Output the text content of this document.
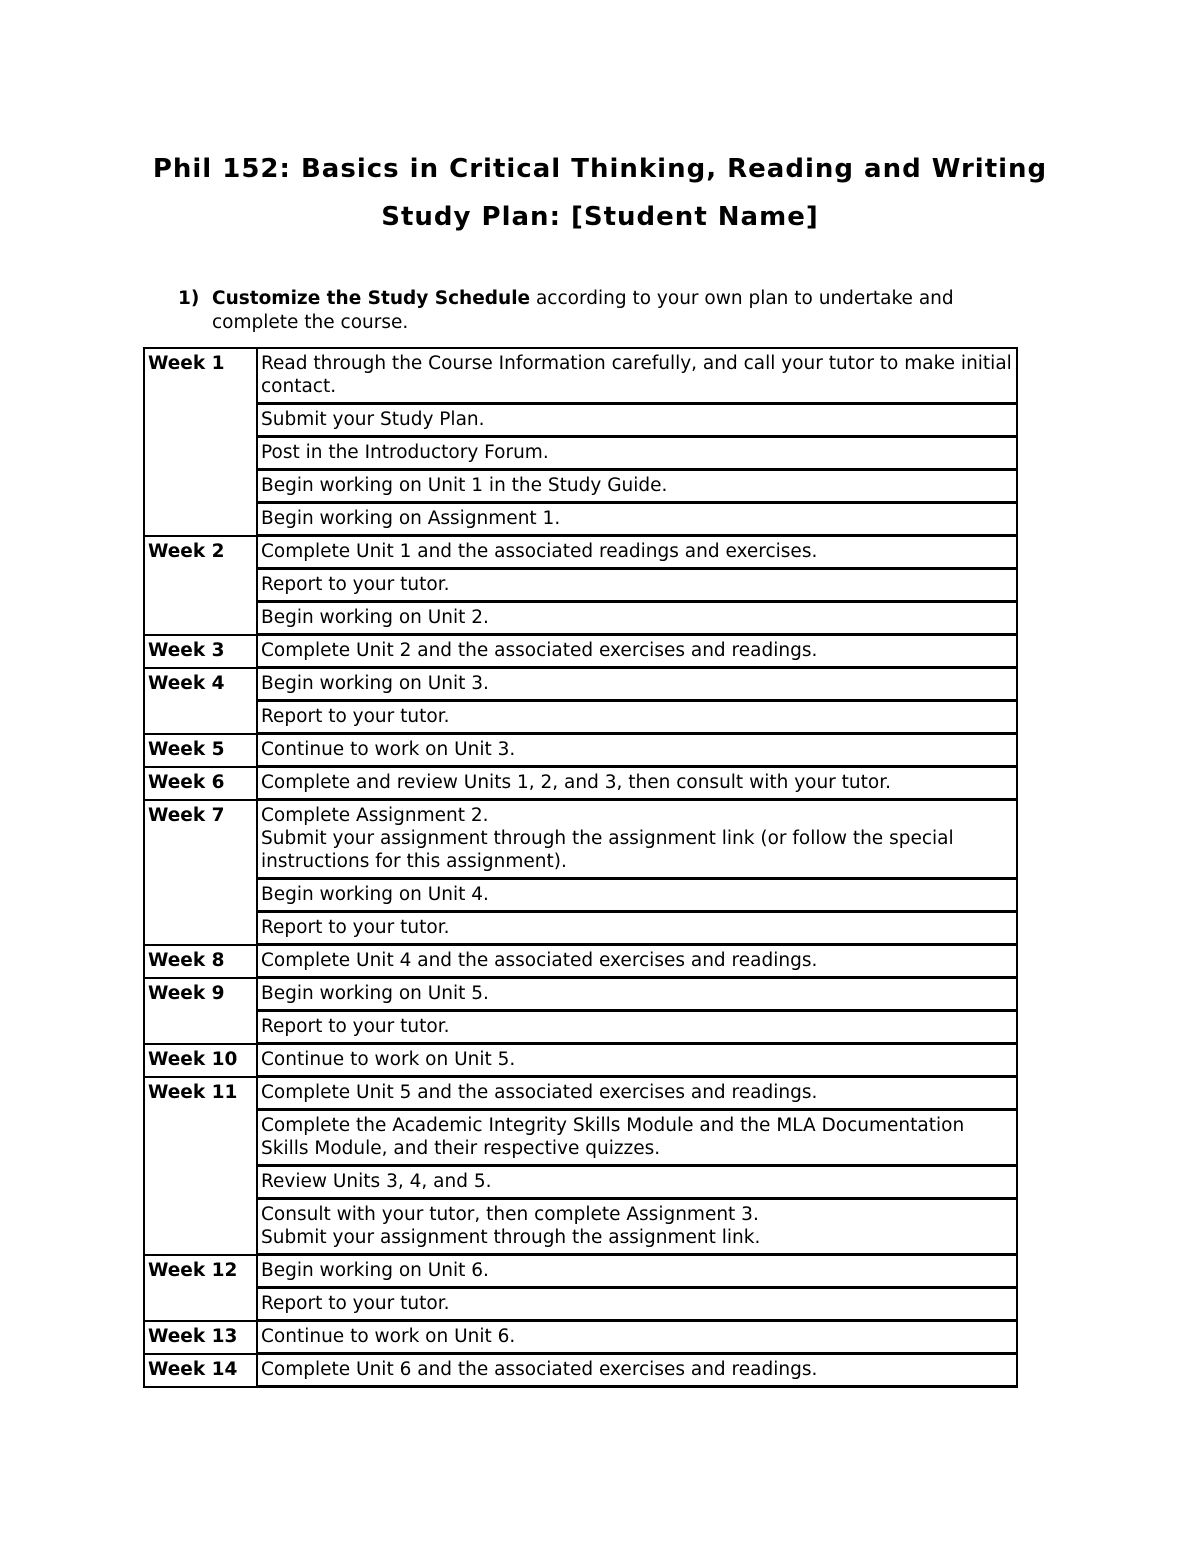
Phil 152: Basics in Critical Thinking, Reading and Writing
Study Plan: [Student Name]
1) Customize the Study Schedule according to your own plan to undertake and complete the course.
Week 1	Read through the Course Information carefully, and call your tutor to make initial contact.

	Submit your Study Plan.

	Post in the Introductory Forum.

	Begin working on Unit 1 in the Study Guide.

	Begin working on Assignment 1.

Week 2	Complete Unit 1 and the associated readings and exercises.

	Report to your tutor.

	Begin working on Unit 2.

Week 3	Complete Unit 2 and the associated exercises and readings.

Week 4	Begin working on Unit 3.

	Report to your tutor.

Week 5	Continue to work on Unit 3.

Week 6	Complete and review Units 1, 2, and 3, then consult with your tutor.

Week 7	Complete Assignment 2.
Submit your assignment through the assignment link (or follow the special instructions for this assignment).

	Begin working on Unit 4.

	Report to your tutor.

Week 8	Complete Unit 4 and the associated exercises and readings.

Week 9	Begin working on Unit 5.

	Report to your tutor.

Week 10	Continue to work on Unit 5.

Week 11	Complete Unit 5 and the associated exercises and readings.

	Complete the Academic Integrity Skills Module and the MLA Documentation Skills Module, and their respective quizzes.

	Review Units 3, 4, and 5.

	Consult with your tutor, then complete Assignment 3.
Submit your assignment through the assignment link.

Week 12	Begin working on Unit 6.

	Report to your tutor.

Week 13	Continue to work on Unit 6.

Week 14	Complete Unit 6 and the associated exercises and readings.
